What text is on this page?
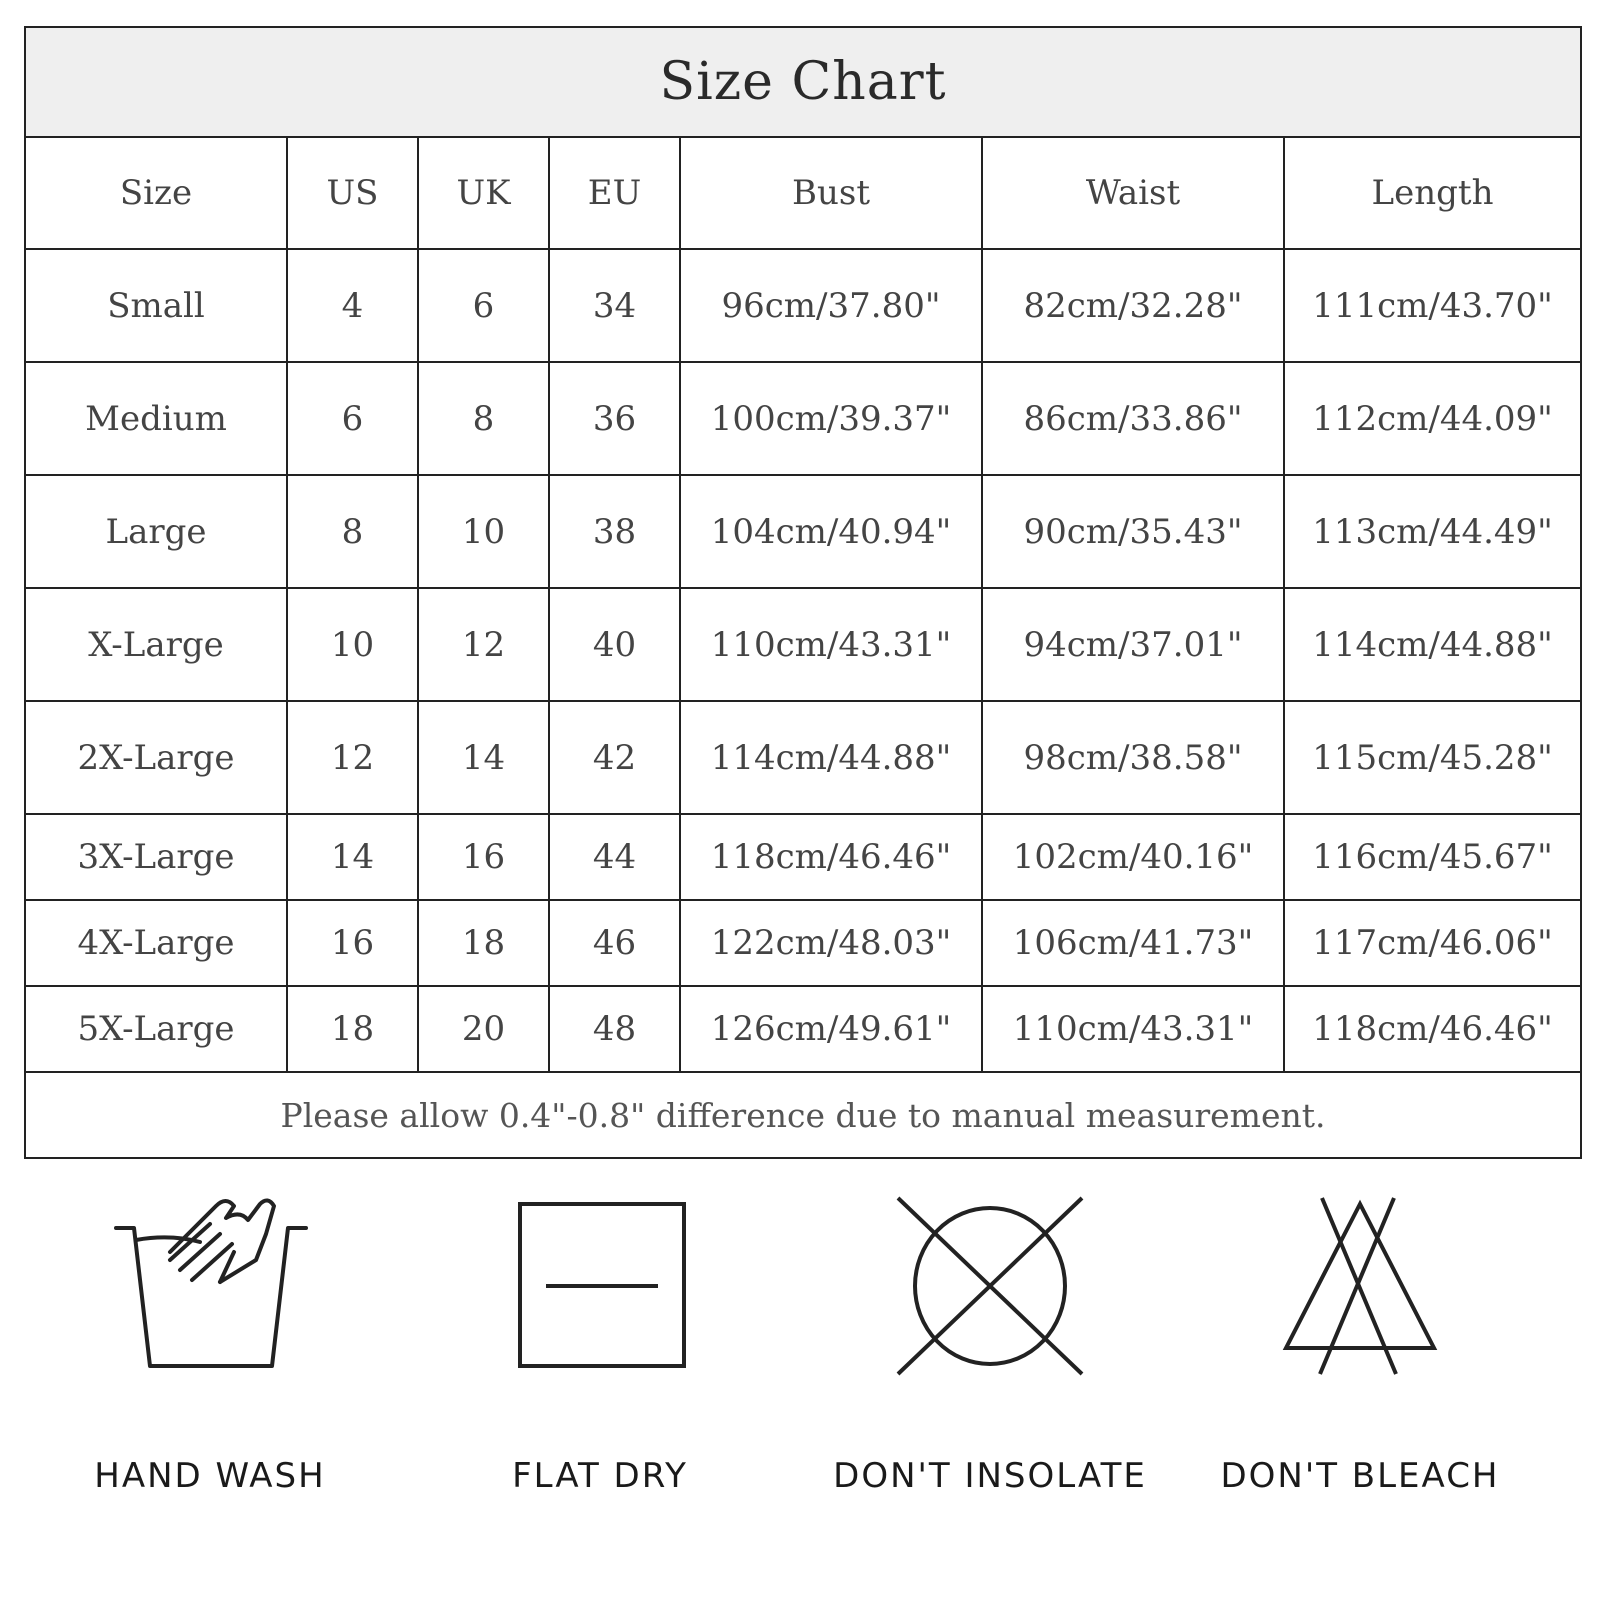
Size Chart						
Size	US	UK	EU	Bust	Waist	Length
Small	4	6	34	96cm/37.80"	82cm/32.28"	111cm/43.70"
Medium	6	8	36	100cm/39.37"	86cm/33.86"	112cm/44.09"
Large	8	10	38	104cm/40.94"	90cm/35.43"	113cm/44.49"
X-Large	10	12	40	110cm/43.31"	94cm/37.01"	114cm/44.88"
2X-Large	12	14	42	114cm/44.88"	98cm/38.58"	115cm/45.28"
3X-Large	14	16	44	118cm/46.46"	102cm/40.16"	116cm/45.67"
4X-Large	16	18	46	122cm/48.03"	106cm/41.73"	117cm/46.06"
5X-Large	18	20	48	126cm/49.61"	110cm/43.31"	118cm/46.46"
Please allow 0.4"-0.8" difference due to manual measurement.						
HAND WASH	FLAT DRY	DON'T INSOLATE	DON'T BLEACH
